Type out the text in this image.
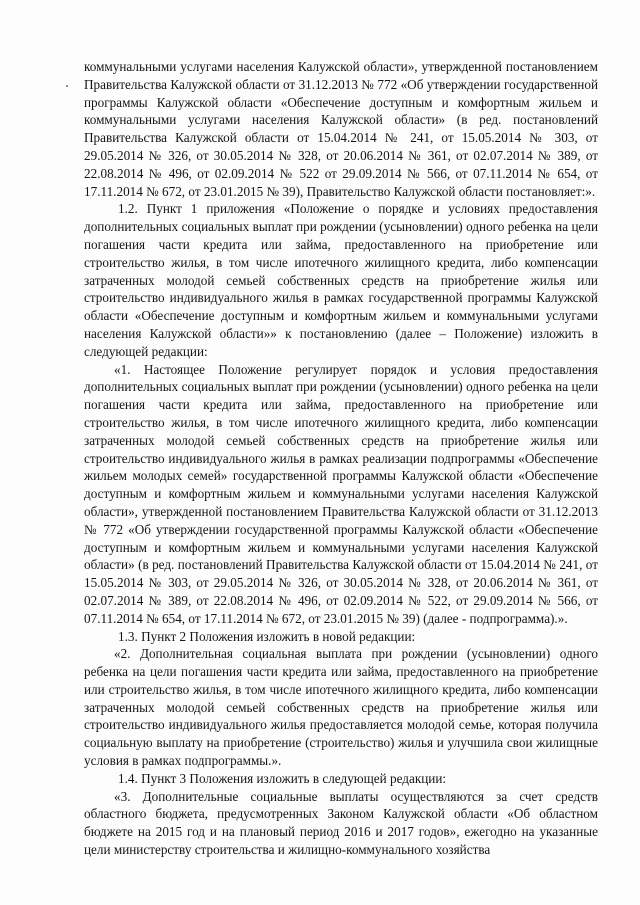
коммунальными услугами населения Калужской области», утвержденной постановлением Правительства Калужской области от 31.12.2013 № 772 «Об утверждении государственной программы Калужской области «Обеспечение доступным и комфортным жильем и коммунальными услугами населения Калужской области» (в ред. постановлений Правительства Калужской области от 15.04.2014 № 241, от 15.05.2014 № 303, от 29.05.2014 № 326, от 30.05.2014 № 328, от 20.06.2014 № 361, от 02.07.2014 № 389, от 22.08.2014 № 496, от 02.09.2014 № 522 от 29.09.2014 № 566, от 07.11.2014 № 654, от 17.11.2014 № 672, от 23.01.2015 № 39), Правительство Калужской области постановляет:».

1.2. Пункт 1 приложения «Положение о порядке и условиях предоставления дополнительных социальных выплат при рождении (усыновлении) одного ребенка на цели погашения части кредита или займа, предоставленного на приобретение или строительство жилья, в том числе ипотечного жилищного кредита, либо компенсации затраченных молодой семьей собственных средств на приобретение жилья или строительство индивидуального жилья в рамках государственной программы Калужской области «Обеспечение доступным и комфортным жильем и коммунальными услугами населения Калужской области»» к постановлению (далее – Положение) изложить в следующей редакции:

«1. Настоящее Положение регулирует порядок и условия предоставления дополнительных социальных выплат при рождении (усыновлении) одного ребенка на цели погашения части кредита или займа, предоставленного на приобретение или строительство жилья, в том числе ипотечного жилищного кредита, либо компенсации затраченных молодой семьей собственных средств на приобретение жилья или строительство индивидуального жилья в рамках реализации подпрограммы «Обеспечение жильем молодых семей» государственной программы Калужской области «Обеспечение доступным и комфортным жильем и коммунальными услугами населения Калужской области», утвержденной постановлением Правительства Калужской области от 31.12.2013 № 772 «Об утверждении государственной программы Калужской области «Обеспечение доступным и комфортным жильем и коммунальными услугами населения Калужской области» (в ред. постановлений Правительства Калужской области от 15.04.2014 № 241, от 15.05.2014 № 303, от 29.05.2014 № 326, от 30.05.2014 № 328, от 20.06.2014 № 361, от 02.07.2014 № 389, от 22.08.2014 № 496, от 02.09.2014 № 522, от 29.09.2014 № 566, от 07.11.2014 № 654, от 17.11.2014 № 672, от 23.01.2015 № 39) (далее - подпрограмма).».

1.3. Пункт 2 Положения изложить в новой редакции:

«2. Дополнительная социальная выплата при рождении (усыновлении) одного ребенка на цели погашения части кредита или займа, предоставленного на приобретение или строительство жилья, в том числе ипотечного жилищного кредита, либо компенсации затраченных молодой семьей собственных средств на приобретение жилья или строительство индивидуального жилья предоставляется молодой семье, которая получила социальную выплату на приобретение (строительство) жилья и улучшила свои жилищные условия в рамках подпрограммы.».

1.4. Пункт 3 Положения изложить в следующей редакции:

«3. Дополнительные социальные выплаты осуществляются за счет средств областного бюджета, предусмотренных Законом Калужской области «Об областном бюджете на 2015 год и на плановый период 2016 и 2017 годов», ежегодно на указанные цели министерству строительства и жилищно-коммунального хозяйства
